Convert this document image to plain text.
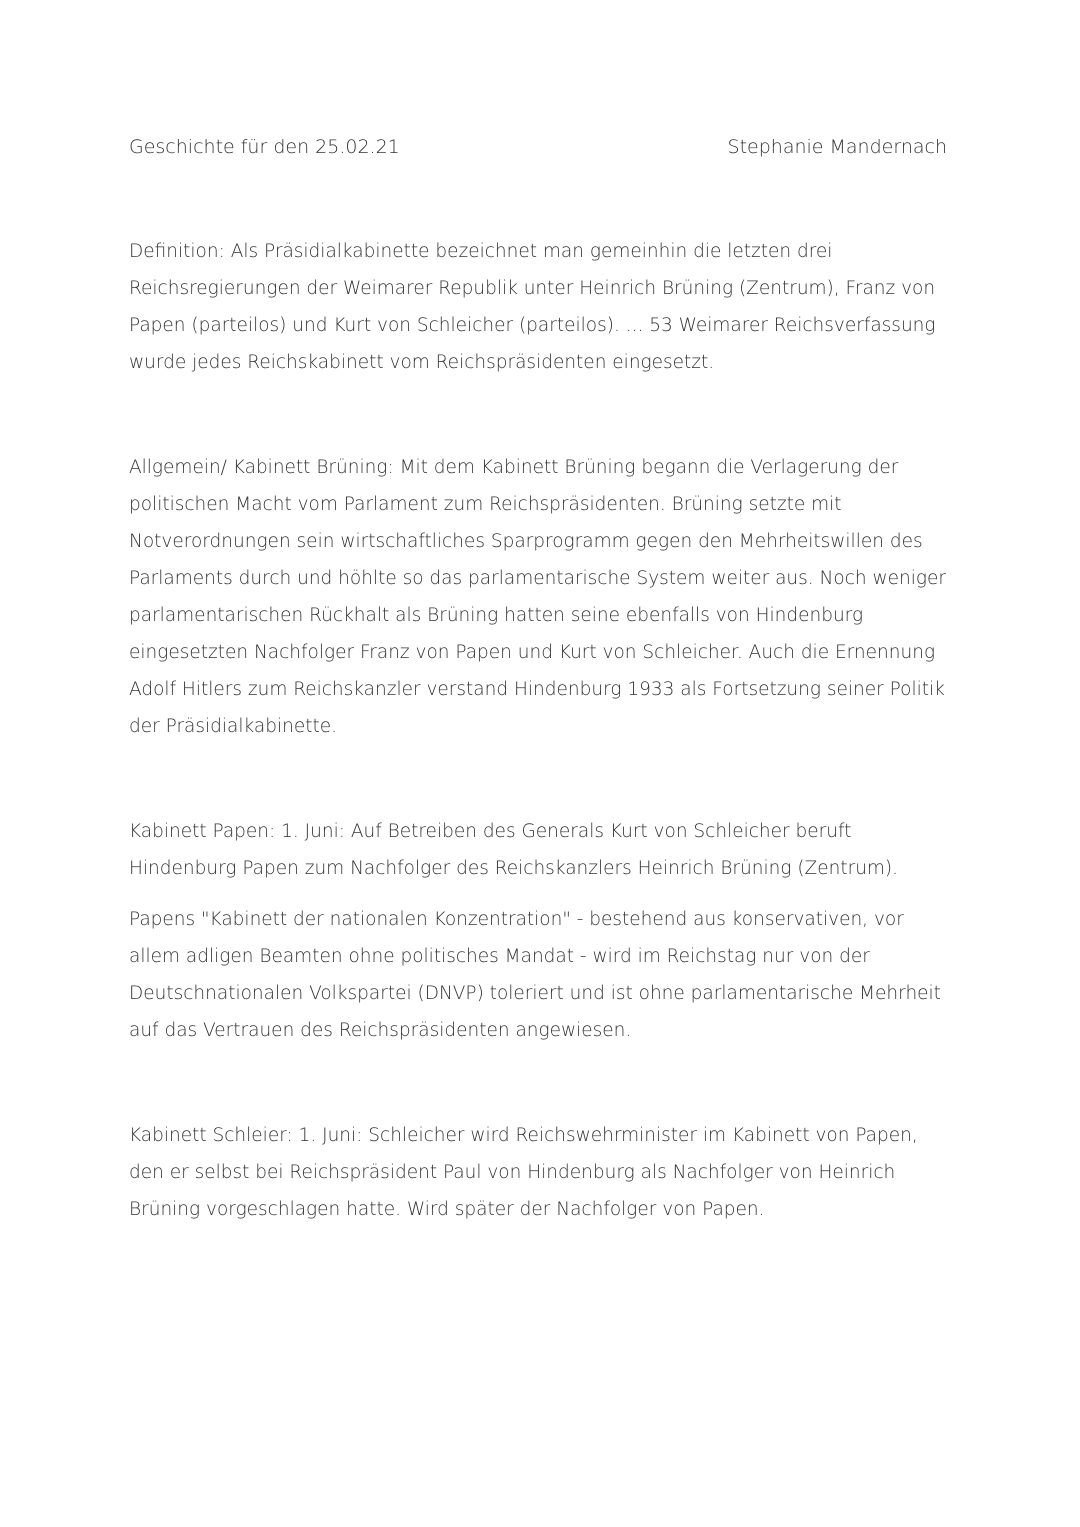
Geschichte für den 25.02.21	Stephanie Mandernach

Definition: Als Präsidialkabinette bezeichnet man gemeinhin die letzten drei Reichsregierungen der Weimarer Republik unter Heinrich Brüning (Zentrum), Franz von Papen (parteilos) und Kurt von Schleicher (parteilos). ... 53 Weimarer Reichsverfassung wurde jedes Reichskabinett vom Reichspräsidenten eingesetzt.

Allgemein/ Kabinett Brüning: Mit dem Kabinett Brüning begann die Verlagerung der politischen Macht vom Parlament zum Reichspräsidenten. Brüning setzte mit Notverordnungen sein wirtschaftliches Sparprogramm gegen den Mehrheitswillen des Parlaments durch und höhlte so das parlamentarische System weiter aus. Noch weniger parlamentarischen Rückhalt als Brüning hatten seine ebenfalls von Hindenburg eingesetzten Nachfolger Franz von Papen und Kurt von Schleicher. Auch die Ernennung Adolf Hitlers zum Reichskanzler verstand Hindenburg 1933 als Fortsetzung seiner Politik der Präsidialkabinette.

Kabinett Papen: 1. Juni: Auf Betreiben des Generals Kurt von Schleicher beruft Hindenburg Papen zum Nachfolger des Reichskanzlers Heinrich Brüning (Zentrum).

Papens "Kabinett der nationalen Konzentration" - bestehend aus konservativen, vor allem adligen Beamten ohne politisches Mandat - wird im Reichstag nur von der Deutschnationalen Volkspartei (DNVP) toleriert und ist ohne parlamentarische Mehrheit auf das Vertrauen des Reichspräsidenten angewiesen.

Kabinett Schleier: 1. Juni: Schleicher wird Reichswehrminister im Kabinett von Papen, den er selbst bei Reichspräsident Paul von Hindenburg als Nachfolger von Heinrich Brüning vorgeschlagen hatte. Wird später der Nachfolger von Papen.
